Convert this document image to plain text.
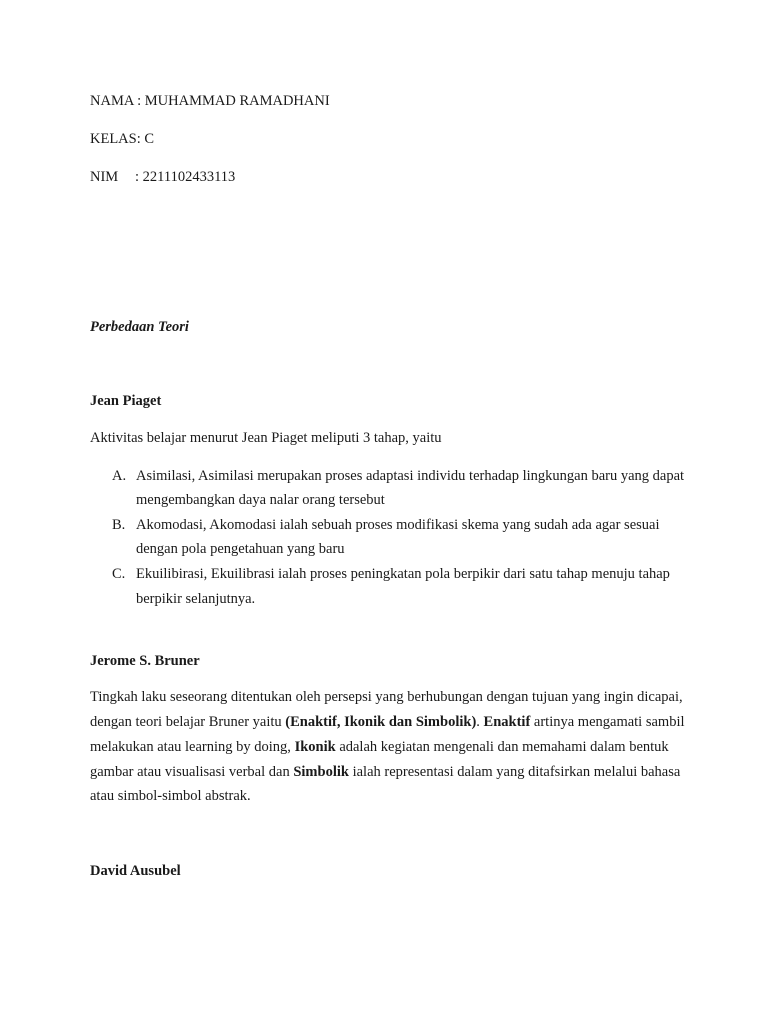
NAMA : MUHAMMAD RAMADHANI
KELAS: C
NIM : 2211102433113
Perbedaan Teori
Jean Piaget
Aktivitas belajar menurut Jean Piaget meliputi 3 tahap, yaitu
A. Asimilasi, Asimilasi merupakan proses adaptasi individu terhadap lingkungan baru yang dapat
mengembangkan daya nalar orang tersebut
B. Akomodasi, Akomodasi ialah sebuah proses modifikasi skema yang sudah ada agar sesuai
dengan pola pengetahuan yang baru
C. Ekuilibirasi, Ekuilibrasi ialah proses peningkatan pola berpikir dari satu tahap menuju tahap
berpikir selanjutnya.
Jerome S. Bruner
Tingkah laku seseorang ditentukan oleh persepsi yang berhubungan dengan tujuan yang ingin dicapai,
dengan teori belajar Bruner yaitu (Enaktif, Ikonik dan Simbolik). Enaktif artinya mengamati sambil
melakukan atau learning by doing, Ikonik adalah kegiatan mengenali dan memahami dalam bentuk
gambar atau visualisasi verbal dan Simbolik ialah representasi dalam yang ditafsirkan melalui bahasa
atau simbol-simbol abstrak.
David Ausubel
